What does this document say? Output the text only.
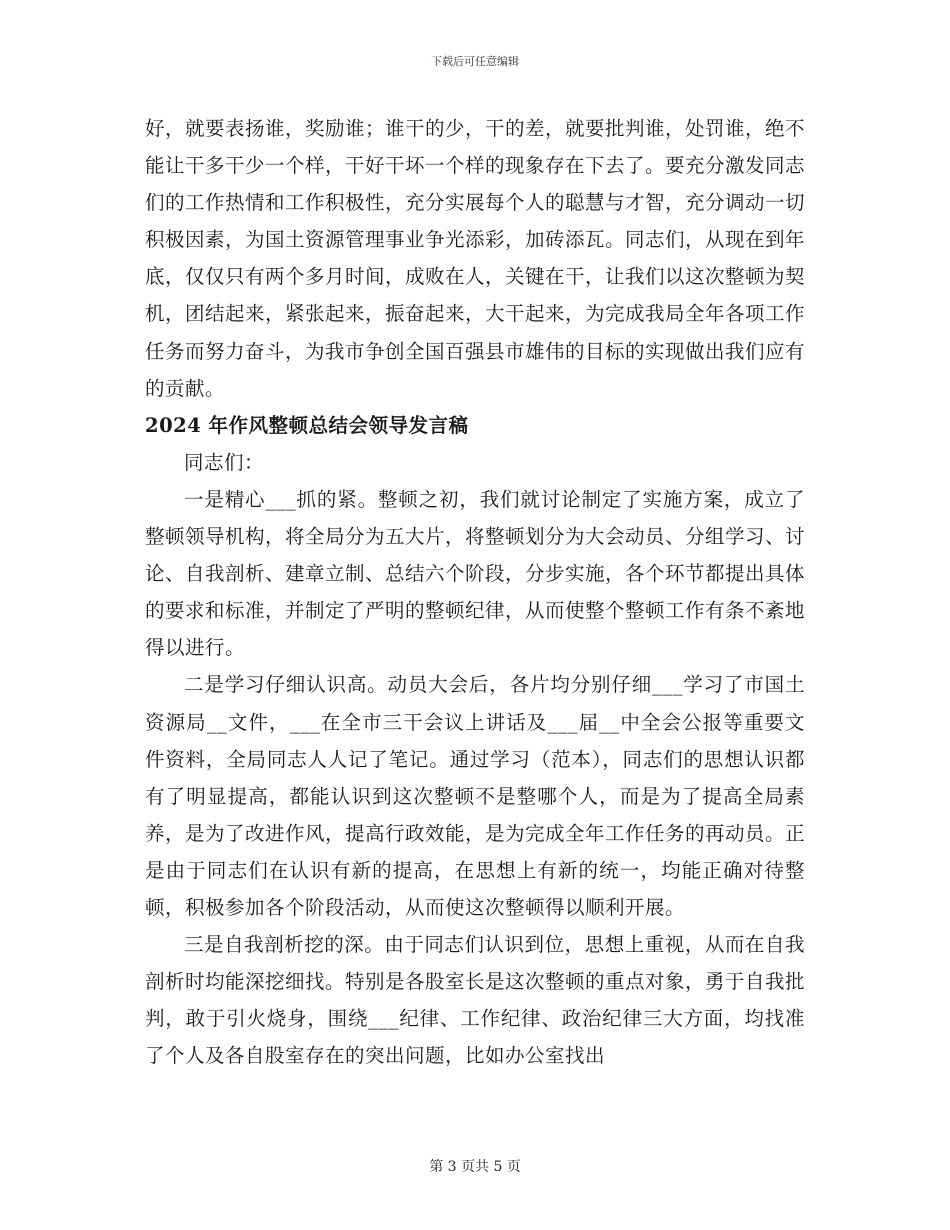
下载后可任意编辑

好，就要表扬谁，奖励谁；谁干的少，干的差，就要批判谁，处罚谁，绝不能让干多干少一个样，干好干坏一个样的现象存在下去了。要充分激发同志们的工作热情和工作积极性，充分实展每个人的聪慧与才智，充分调动一切积极因素，为国土资源管理事业争光添彩，加砖添瓦。同志们，从现在到年底，仅仅只有两个多月时间，成败在人，关键在干，让我们以这次整顿为契机，团结起来，紧张起来，振奋起来，大干起来，为完成我局全年各项工作任务而努力奋斗，为我市争创全国百强县市雄伟的目标的实现做出我们应有的贡献。

2024 年作风整顿总结会领导发言稿

同志们：

一是精心___抓的紧。整顿之初，我们就讨论制定了实施方案，成立了整顿领导机构，将全局分为五大片，将整顿划分为大会动员、分组学习、讨论、自我剖析、建章立制、总结六个阶段，分步实施，各个环节都提出具体的要求和标准，并制定了严明的整顿纪律，从而使整个整顿工作有条不紊地得以进行。

二是学习仔细认识高。动员大会后，各片均分别仔细___学习了市国土资源局__文件，___在全市三干会议上讲话及___届__中全会公报等重要文件资料，全局同志人人记了笔记。通过学习（范本），同志们的思想认识都有了明显提高，都能认识到这次整顿不是整哪个人，而是为了提高全局素养，是为了改进作风，提高行政效能，是为完成全年工作任务的再动员。正是由于同志们在认识有新的提高，在思想上有新的统一，均能正确对待整顿，积极参加各个阶段活动，从而使这次整顿得以顺利开展。

三是自我剖析挖的深。由于同志们认识到位，思想上重视，从而在自我剖析时均能深挖细找。特别是各股室长是这次整顿的重点对象，勇于自我批判，敢于引火烧身，围绕___纪律、工作纪律、政治纪律三大方面，均找准了个人及各自股室存在的突出问题，比如办公室找出

第 3 页共 5 页
